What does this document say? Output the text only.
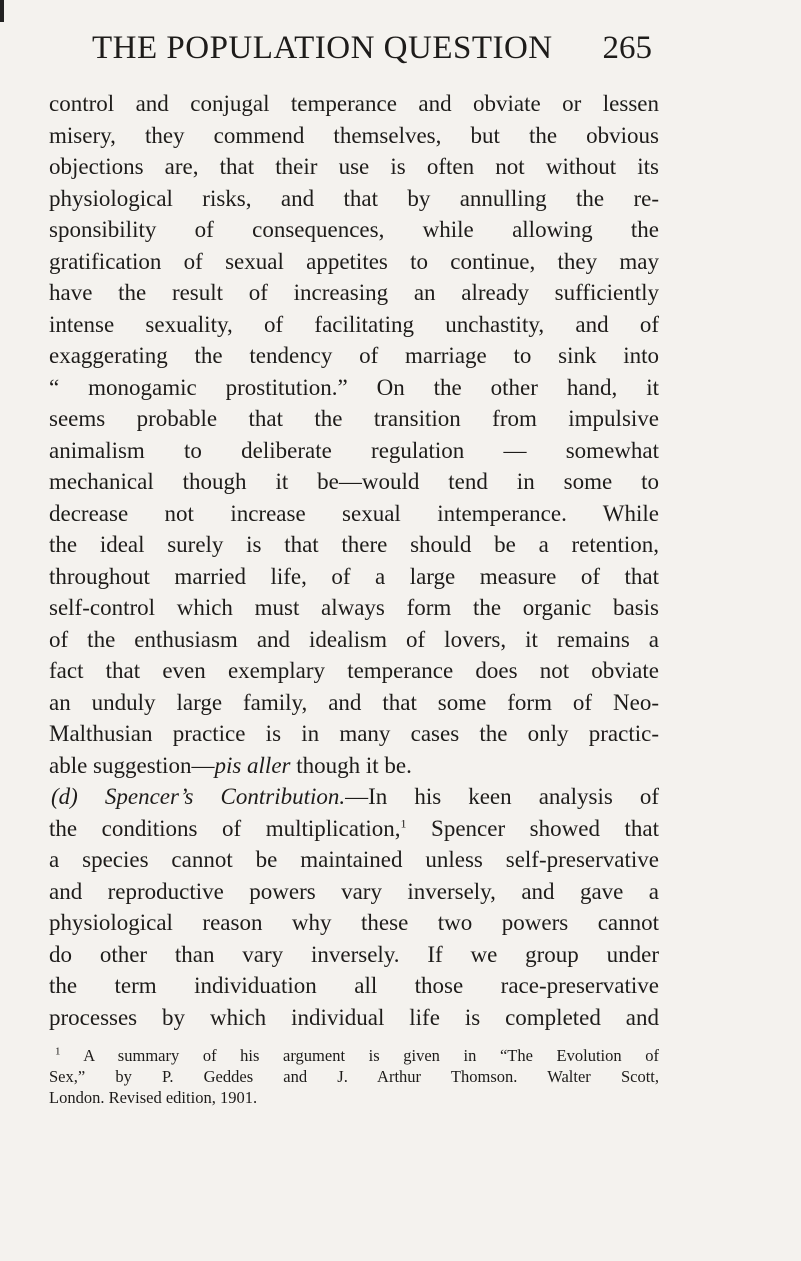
THE POPULATION QUESTION 265
control and conjugal temperance and obviate or lessen
misery, they commend themselves, but the obvious
objections are, that their use is often not without its
physiological risks, and that by annulling the re-
sponsibility of consequences, while allowing the
gratification of sexual appetites to continue, they may
have the result of increasing an already sufficiently
intense sexuality, of facilitating unchastity, and of
exaggerating the tendency of marriage to sink into
“ monogamic prostitution.” On the other hand, it
seems probable that the transition from impulsive
animalism to deliberate regulation — somewhat
mechanical though it be—would tend in some to
decrease not increase sexual intemperance. While
the ideal surely is that there should be a retention,
throughout married life, of a large measure of that
self-control which must always form the organic basis
of the enthusiasm and idealism of lovers, it remains a
fact that even exemplary temperance does not obviate
an unduly large family, and that some form of Neo-
Malthusian practice is in many cases the only practic-
able suggestion—pis aller though it be.
(d) Spencer’s Contribution.—In his keen analysis of
the conditions of multiplication,$^1$ Spencer showed that
a species cannot be maintained unless self-preservative
and reproductive powers vary inversely, and gave a
physiological reason why these two powers cannot
do other than vary inversely. If we group under
the term individuation all those race-preservative
processes by which individual life is completed and
$^1$ A summary of his argument is given in “The Evolution of
Sex,” by P. Geddes and J. Arthur Thomson. Walter Scott,
London. Revised edition, 1901.
